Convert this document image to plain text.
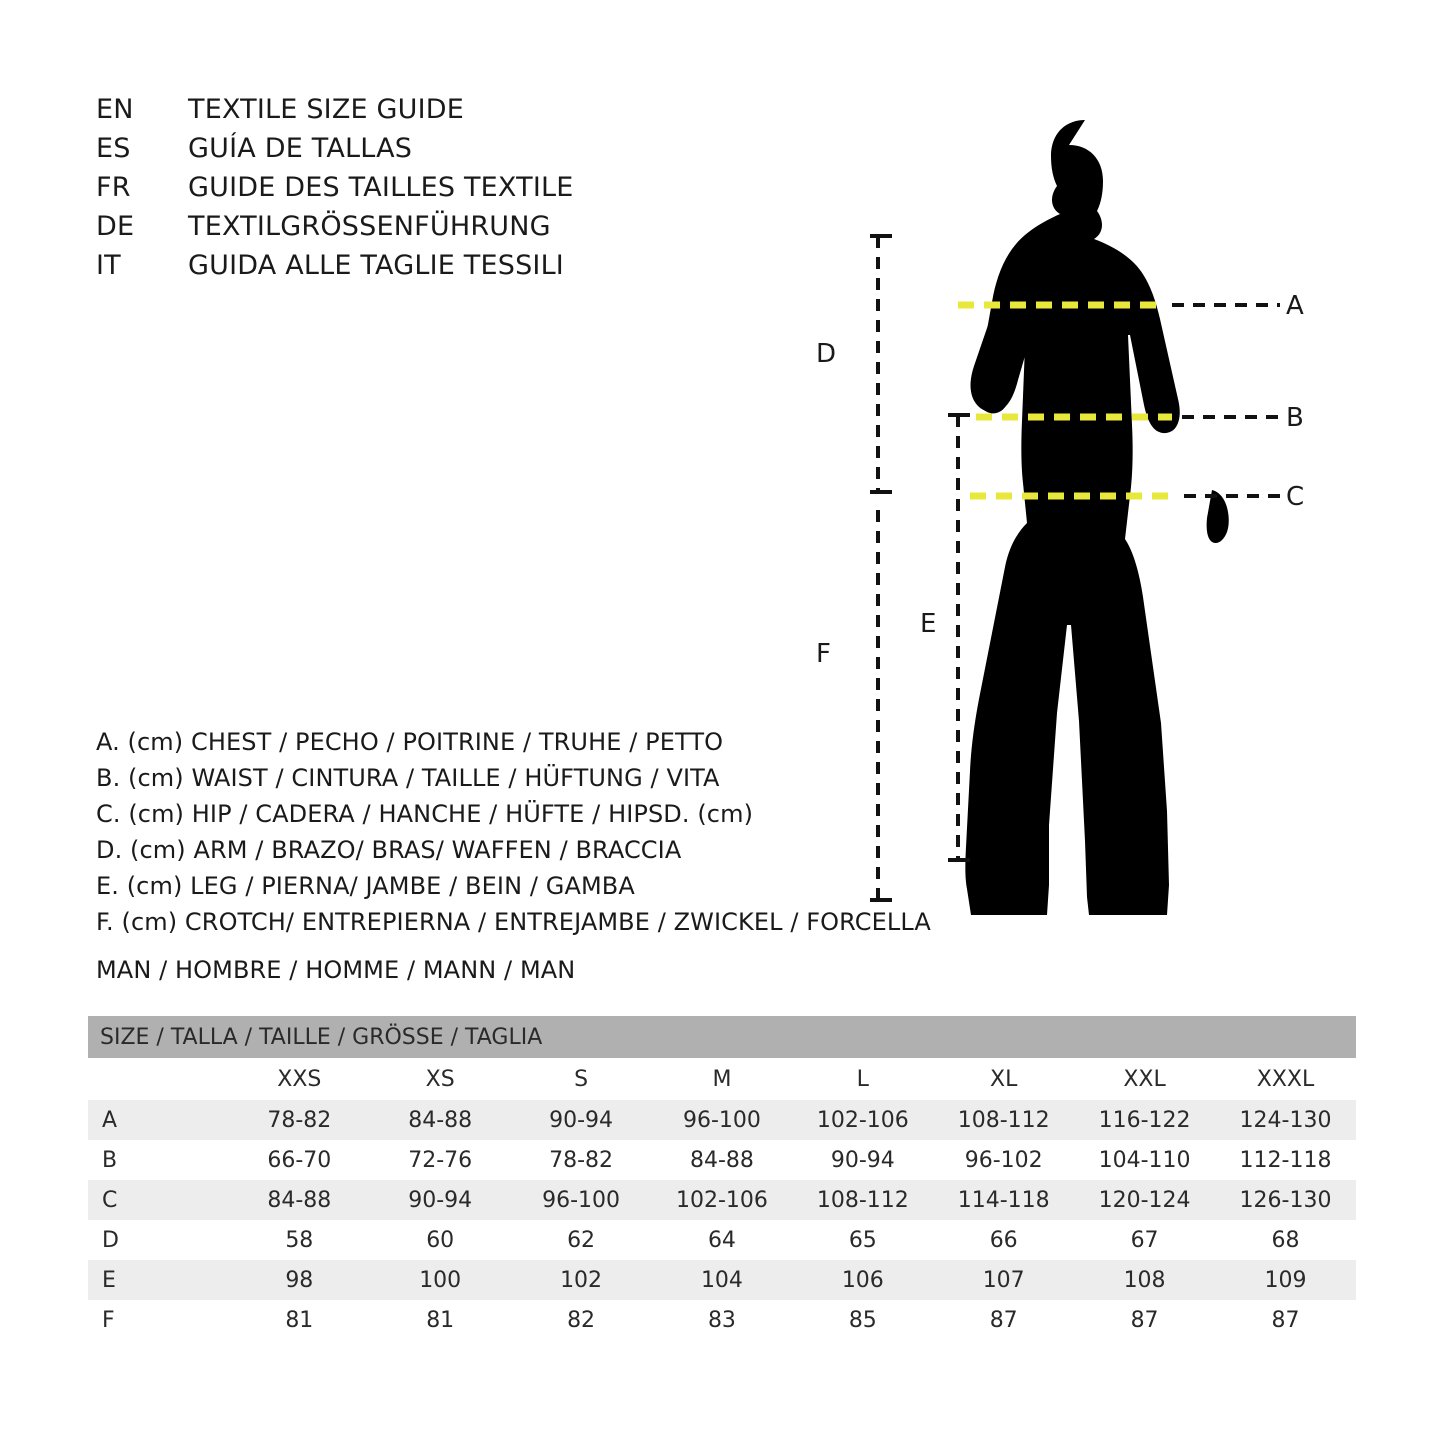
EN	TEXTILE SIZE GUIDE
ES	GUÍA DE TALLAS
FR	GUIDE DES TAILLES TEXTILE
DE	TEXTILGRÖSSENFÜHRUNG
IT	GUIDA ALLE TAGLIE TESSILI
A
B
C
D
E
F
A. (cm) CHEST / PECHO / POITRINE / TRUHE / PETTO
B. (cm) WAIST / CINTURA / TAILLE / HÜFTUNG / VITA
C. (cm) HIP / CADERA / HANCHE / HÜFTE / HIPSD. (cm)
D. (cm) ARM / BRAZO/ BRAS/ WAFFEN / BRACCIA
E. (cm) LEG / PIERNA/ JAMBE / BEIN / GAMBA
F. (cm) CROTCH/ ENTREPIERNA / ENTREJAMBE / ZWICKEL / FORCELLA
MAN / HOMBRE / HOMME / MANN / MAN
SIZE / TALLA / TAILLE / GRÖSSE / TAGLIA								
	XXS	XS	S	M	L	XL	XXL	XXXL
A	78-82	84-88	90-94	96-100	102-106	108-112	116-122	124-130
B	66-70	72-76	78-82	84-88	90-94	96-102	104-110	112-118
C	84-88	90-94	96-100	102-106	108-112	114-118	120-124	126-130
D	58	60	62	64	65	66	67	68
E	98	100	102	104	106	107	108	109
F	81	81	82	83	85	87	87	87
